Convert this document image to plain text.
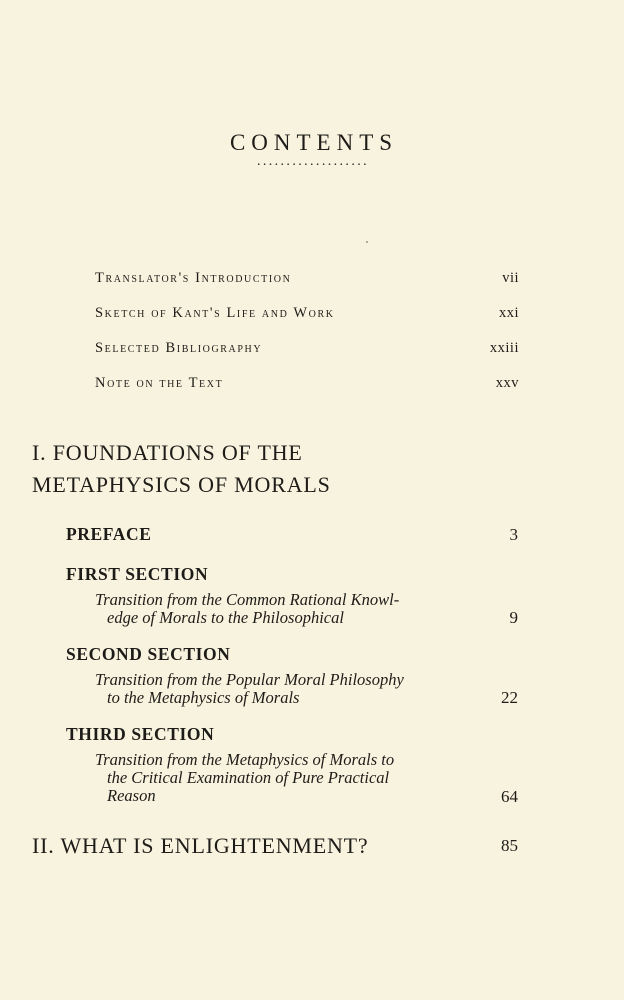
CONTENTS
...................
Translator's Introduction	vii
Sketch of Kant's Life and Work	xxi
Selected Bibliography	xxiii
Note on the Text	xxv
I. FOUNDATIONS OF THE
METAPHYSICS OF MORALS
PREFACE	3
FIRST SECTION
Transition from the Common Rational Knowl-
edge of Morals to the Philosophical	9
SECOND SECTION
Transition from the Popular Moral Philosophy
to the Metaphysics of Morals	22
THIRD SECTION
Transition from the Metaphysics of Morals to
the Critical Examination of Pure Practical
Reason	64
II. WHAT IS ENLIGHTENMENT?	85
